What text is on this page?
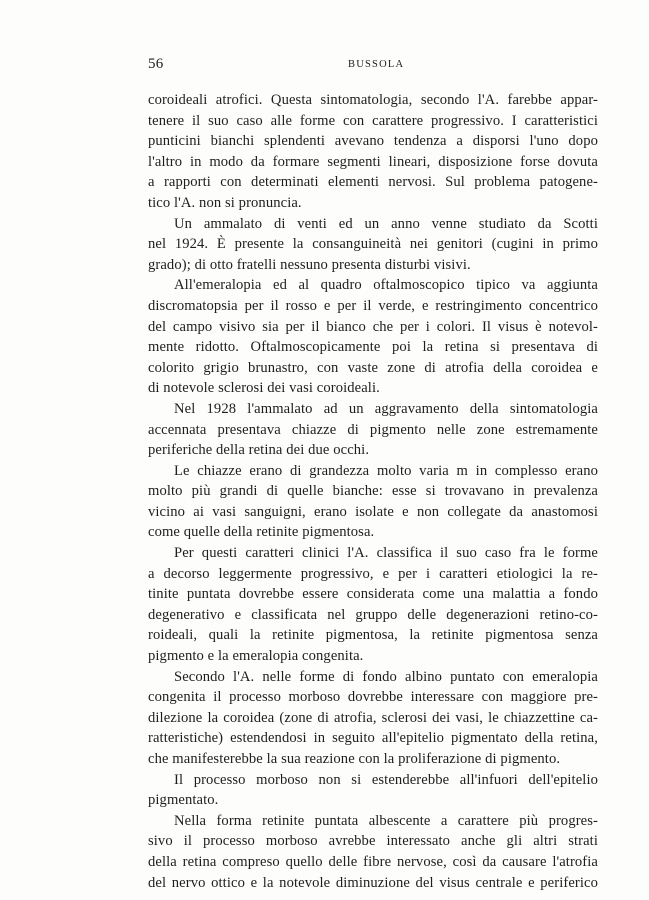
56	BUSSOLA
coroideali atrofici. Questa sintomatologia, secondo l'A. farebbe appar-
tenere il suo caso alle forme con carattere progressivo. I caratteristici
punticini bianchi splendenti avevano tendenza a disporsi l'uno dopo
l'altro in modo da formare segmenti lineari, disposizione forse dovuta
a rapporti con determinati elementi nervosi. Sul problema patogene-
tico l'A. non si pronuncia.
Un ammalato di venti ed un anno venne studiato da Scotti
nel 1924. È presente la consanguineità nei genitori (cugini in primo
grado); di otto fratelli nessuno presenta disturbi visivi.
All'emeralopia ed al quadro oftalmoscopico tipico va aggiunta
discromatopsia per il rosso e per il verde, e restringimento concentrico
del campo visivo sia per il bianco che per i colori. Il visus è notevol-
mente ridotto. Oftalmoscopicamente poi la retina si presentava di
colorito grigio brunastro, con vaste zone di atrofia della coroidea e
di notevole sclerosi dei vasi coroideali.
Nel 1928 l'ammalato ad un aggravamento della sintomatologia
accennata presentava chiazze di pigmento nelle zone estremamente
periferiche della retina dei due occhi.
Le chiazze erano di grandezza molto varia m in complesso erano
molto più grandi di quelle bianche: esse si trovavano in prevalenza
vicino ai vasi sanguigni, erano isolate e non collegate da anastomosi
come quelle della retinite pigmentosa.
Per questi caratteri clinici l'A. classifica il suo caso fra le forme
a decorso leggermente progressivo, e per i caratteri etiologici la re-
tinite puntata dovrebbe essere considerata come una malattia a fondo
degenerativo e classificata nel gruppo delle degenerazioni retino-co-
roideali, quali la retinite pigmentosa, la retinite pigmentosa senza
pigmento e la emeralopia congenita.
Secondo l'A. nelle forme di fondo albino puntato con emeralopia
congenita il processo morboso dovrebbe interessare con maggiore pre-
dilezione la coroidea (zone di atrofia, sclerosi dei vasi, le chiazzettine ca-
ratteristiche) estendendosi in seguito all'epitelio pigmentato della retina,
che manifesterebbe la sua reazione con la proliferazione di pigmento.
Il processo morboso non si estenderebbe all'infuori dell'epitelio
pigmentato.
Nella forma retinite puntata albescente a carattere più progres-
sivo il processo morboso avrebbe interessato anche gli altri strati
della retina compreso quello delle fibre nervose, così da causare l'atrofia
del nervo ottico e la notevole diminuzione del visus centrale e periferico
